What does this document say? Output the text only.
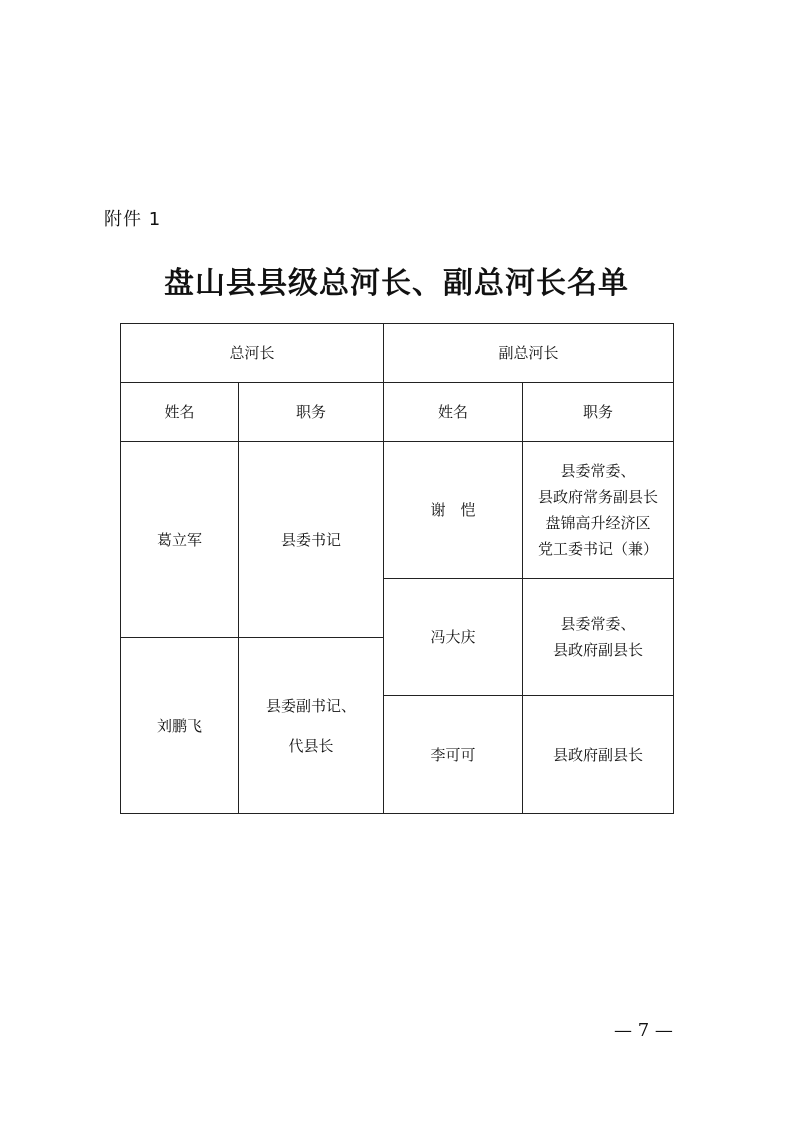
附件 1
盘山县县级总河长、副总河长名单
总河长		副总河长	
姓名	职务	姓名	职务
葛立军	县委书记	谢　恺	县委常委、
县政府常务副县长
盘锦高升经济区
党工委书记（兼）

		冯大庆	县委常委、
县政府副县长

刘鹏飞	县委副书记、
代县长		

		李可可	县政府副县长
— 7 —
